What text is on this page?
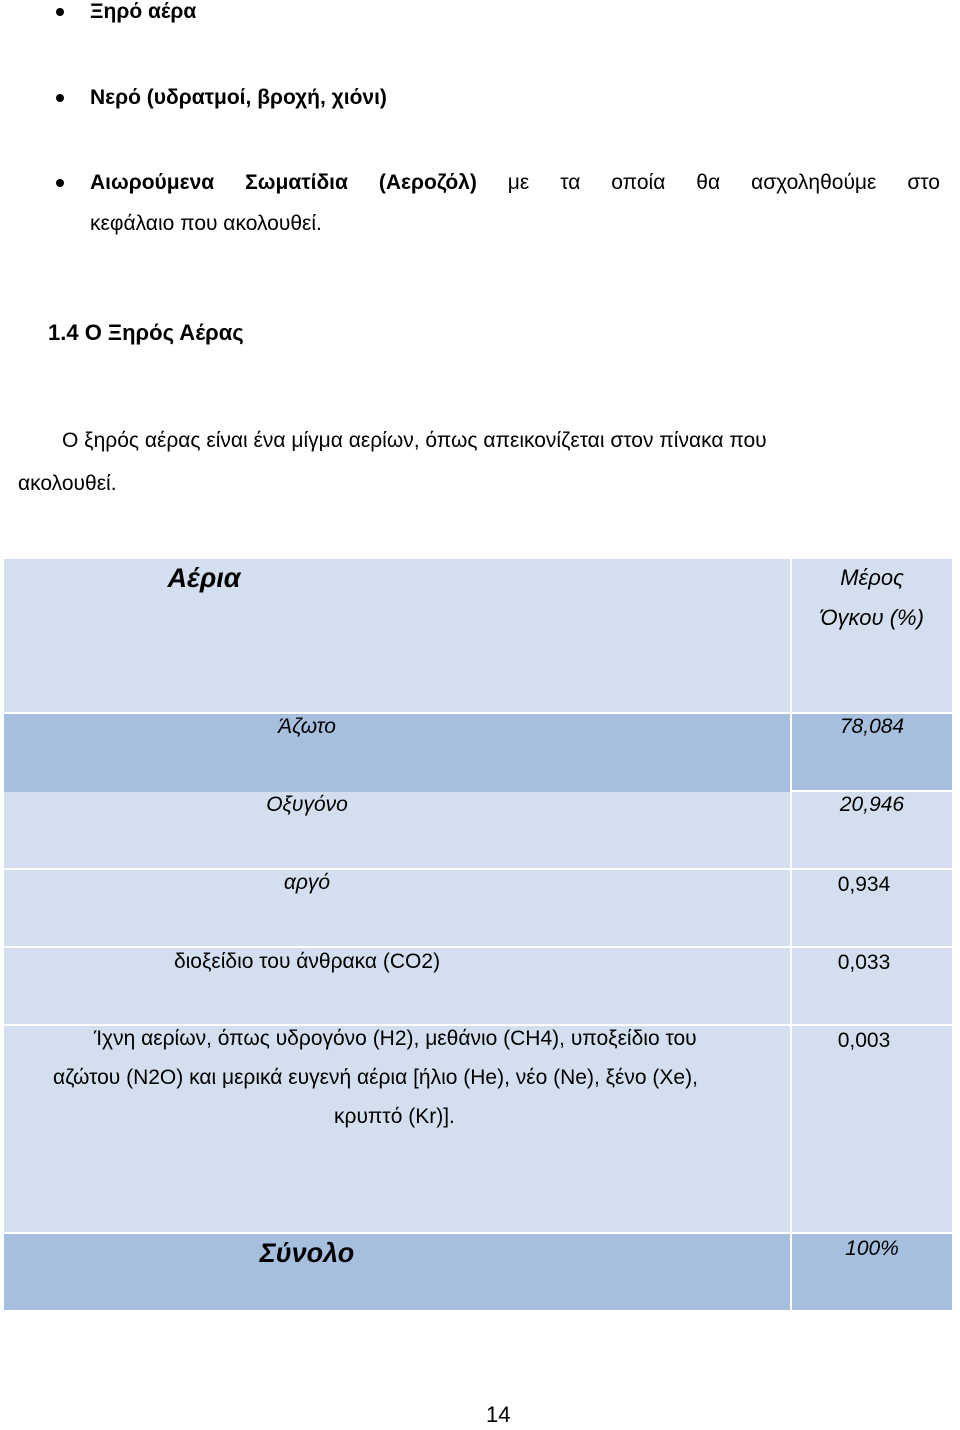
Ξηρό αέρα
Νερό (υδρατμοί, βροχή, χιόνι)
Αιωρούμενα Σωματίδια (Αεροζόλ) με τα οποία θα ασχοληθούμε στο
κεφάλαιο που ακολουθεί.
1.4 Ο Ξηρός Αέρας
Ο ξηρός αέρας είναι ένα μίγμα αερίων, όπως απεικονίζεται στον πίνακα που
ακολουθεί.
Αέρια	Μέρος
Όγκου (%)
Άζωτο	78,084
Οξυγόνο	20,946
αργό	0,934
διοξείδιο του άνθρακα (CO2)	0,033
Ίχνη αερίων, όπως υδρογόνο (H2), μεθάνιο (CH4), υποξείδιο του
αζώτου (N2O) και μερικά ευγενή αέρια [ήλιο (He), νέο (Ne), ξένο (Xe),
κρυπτό (Kr)].
0,003
Σύνολο	100%
14
